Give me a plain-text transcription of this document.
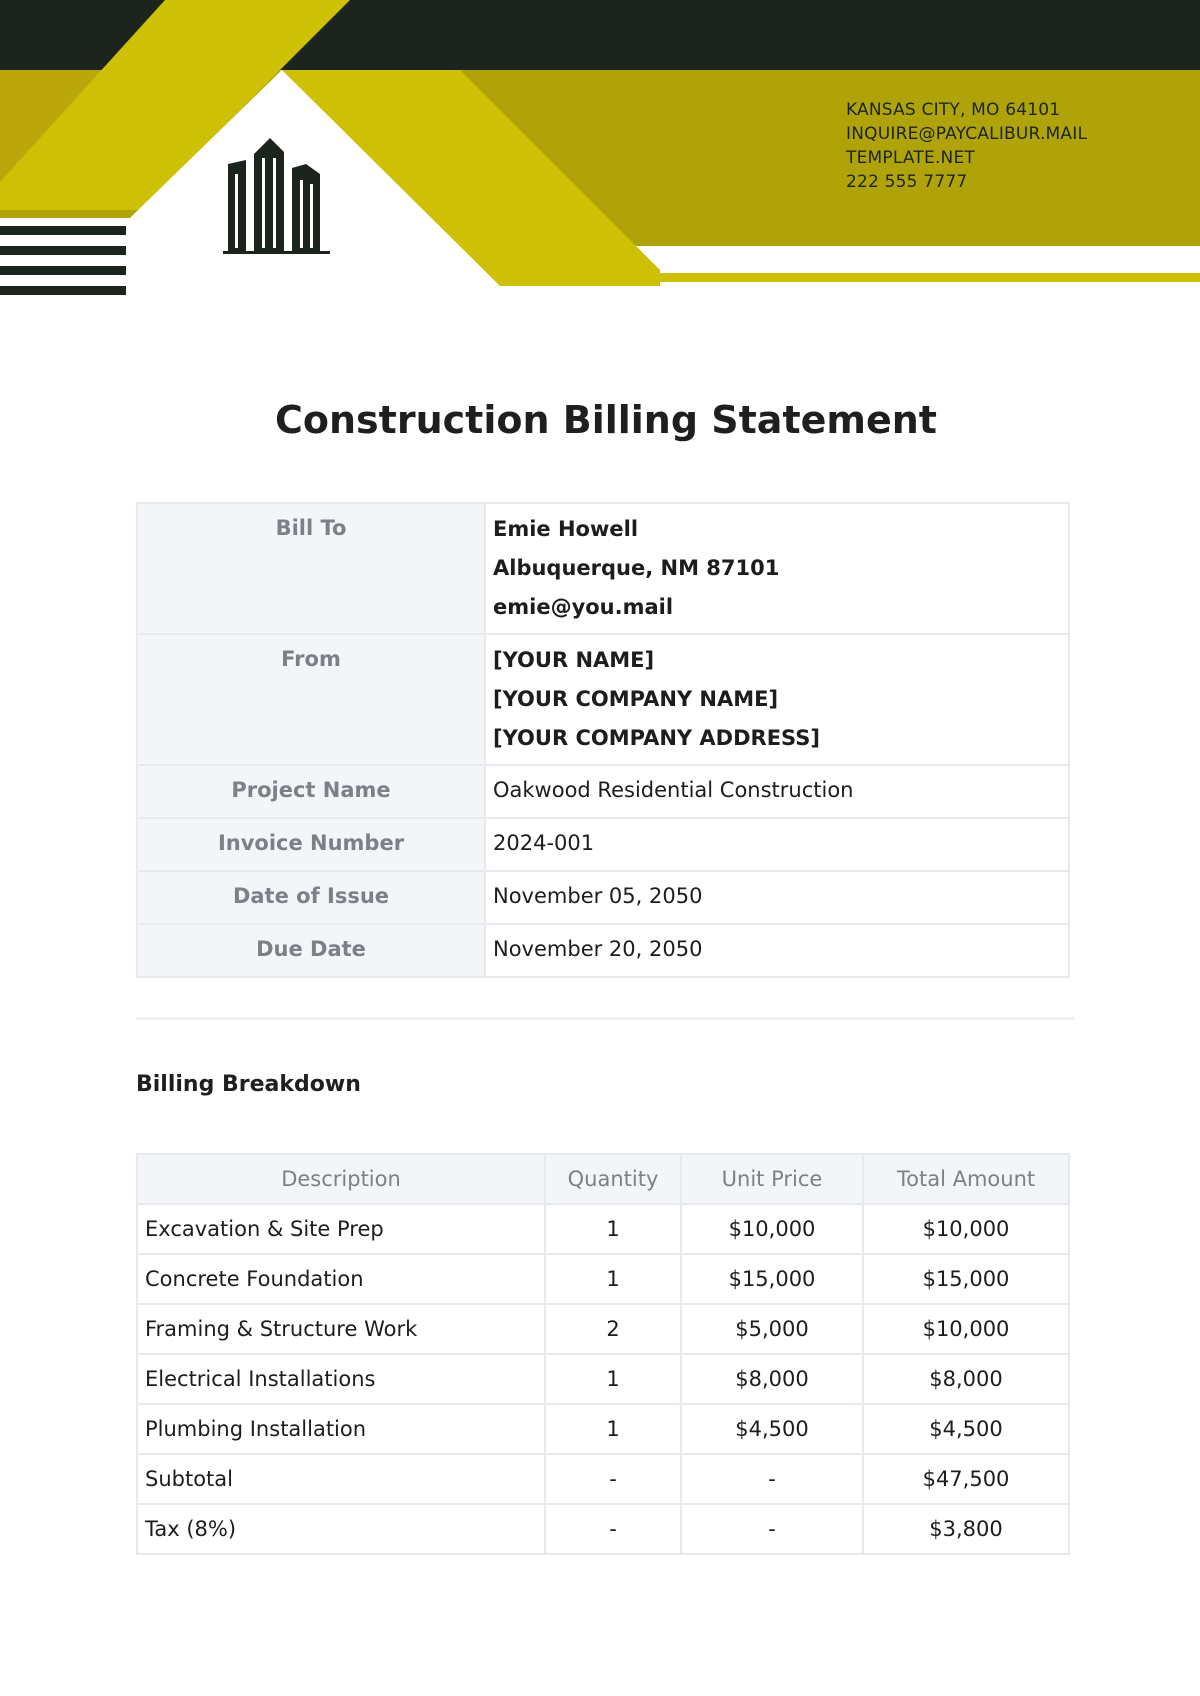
KANSAS CITY, MO 64101
INQUIRE@PAYCALIBUR.MAIL
TEMPLATE.NET
222 555 7777
Construction Billing Statement
Bill To	Emie Howell
Albuquerque, NM 87101
emie@you.mail

From	[YOUR NAME]
[YOUR COMPANY NAME]
[YOUR COMPANY ADDRESS]

Project Name	Oakwood Residential Construction
Invoice Number	2024-001
Date of Issue	November 05, 2050
Due Date	November 20, 2050
Billing Breakdown
Description	Quantity	Unit Price	Total Amount
Excavation & Site Prep	1	$10,000	$10,000
Concrete Foundation	1	$15,000	$15,000
Framing & Structure Work	2	$5,000	$10,000
Electrical Installations	1	$8,000	$8,000
Plumbing Installation	1	$4,500	$4,500
Subtotal	-	-	$47,500
Tax (8%)	-	-	$3,800
